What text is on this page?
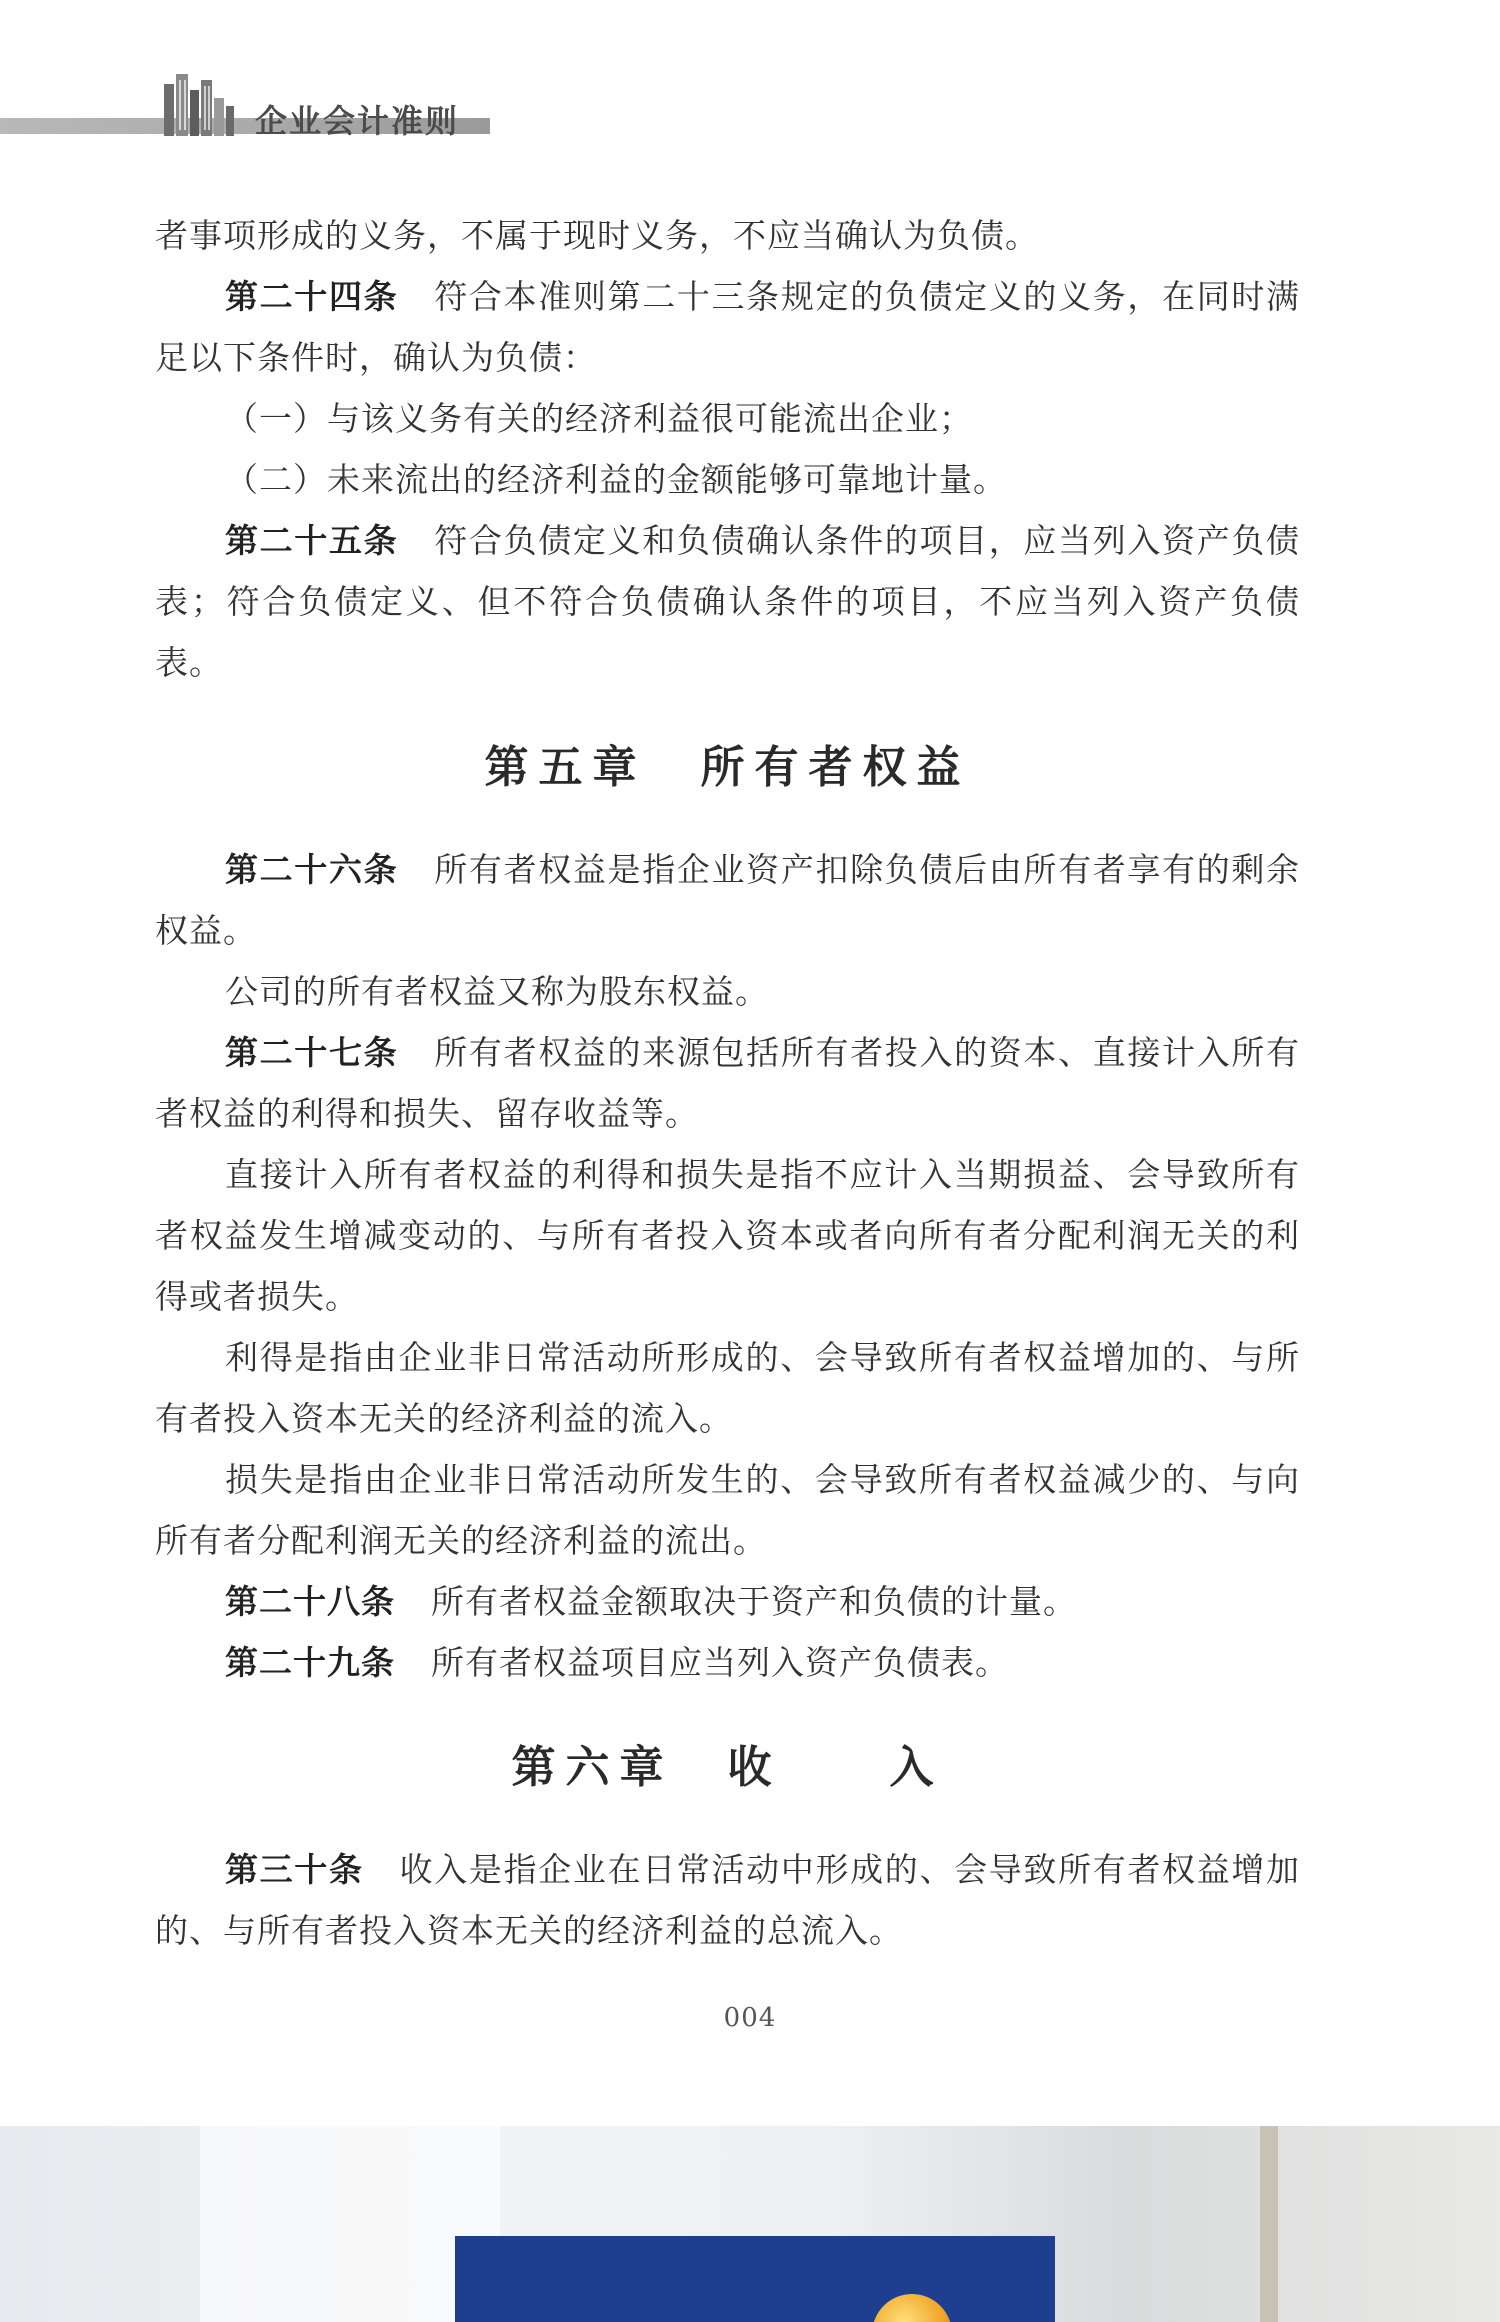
企业会计准则

者事项形成的义务，不属于现时义务，不应当确认为负债。

第二十四条 符合本准则第二十三条规定的负债定义的义务，在同时满足以下条件时，确认为负债：

（一）与该义务有关的经济利益很可能流出企业；

（二）未来流出的经济利益的金额能够可靠地计量。

第二十五条 符合负债定义和负债确认条件的项目，应当列入资产负债表；符合负债定义、但不符合负债确认条件的项目，不应当列入资产负债表。

第五章　所有者权益

第二十六条 所有者权益是指企业资产扣除负债后由所有者享有的剩余权益。

公司的所有者权益又称为股东权益。

第二十七条 所有者权益的来源包括所有者投入的资本、直接计入所有者权益的利得和损失、留存收益等。

直接计入所有者权益的利得和损失是指不应计入当期损益、会导致所有者权益发生增减变动的、与所有者投入资本或者向所有者分配利润无关的利得或者损失。

利得是指由企业非日常活动所形成的、会导致所有者权益增加的、与所有者投入资本无关的经济利益的流入。

损失是指由企业非日常活动所发生的、会导致所有者权益减少的、与向所有者分配利润无关的经济利益的流出。

第二十八条 所有者权益金额取决于资产和负债的计量。

第二十九条 所有者权益项目应当列入资产负债表。

第六章　收　　入

第三十条 收入是指企业在日常活动中形成的、会导致所有者权益增加的、与所有者投入资本无关的经济利益的总流入。

004
